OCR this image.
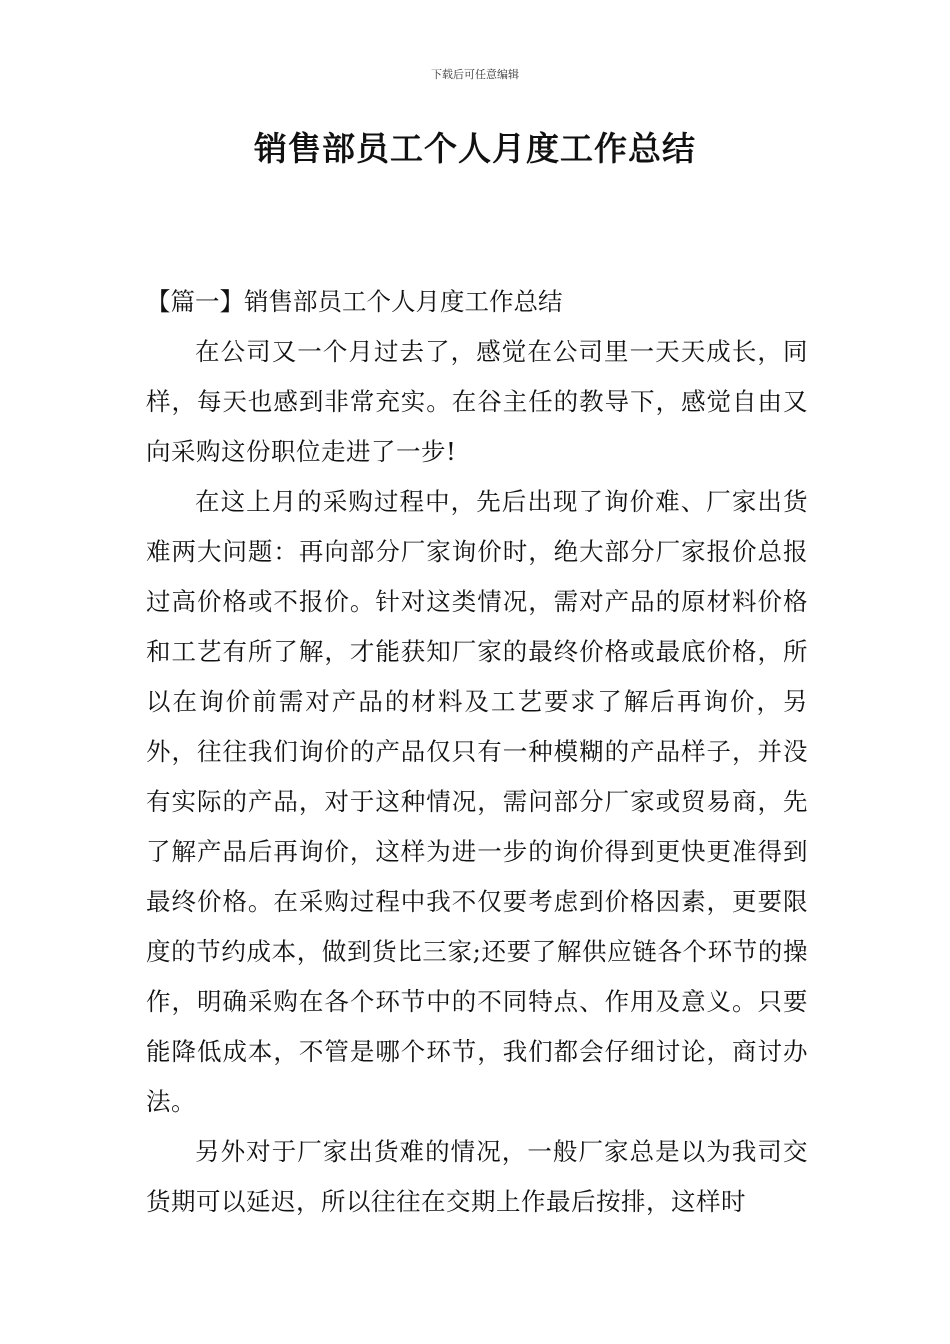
下载后可任意编辑
销售部员工个人月度工作总结

【篇一】销售部员工个人月度工作总结

在公司又一个月过去了，感觉在公司里一天天成长，同样，每天也感到非常充实。在谷主任的教导下，感觉自由又向采购这份职位走进了一步!

在这上月的采购过程中，先后出现了询价难、厂家出货难两大问题：再向部分厂家询价时，绝大部分厂家报价总报过高价格或不报价。针对这类情况，需对产品的原材料价格和工艺有所了解，才能获知厂家的最终价格或最底价格，所以在询价前需对产品的材料及工艺要求了解后再询价，另外，往往我们询价的产品仅只有一种模糊的产品样子，并没有实际的产品，对于这种情况，需问部分厂家或贸易商，先了解产品后再询价，这样为进一步的询价得到更快更准得到最终价格。在采购过程中我不仅要考虑到价格因素，更要限度的节约成本，做到货比三家;还要了解供应链各个环节的操作，明确采购在各个环节中的不同特点、作用及意义。只要能降低成本，不管是哪个环节，我们都会仔细讨论，商讨办法。

另外对于厂家出货难的情况，一般厂家总是以为我司交货期可以延迟，所以往往在交期上作最后按排，这样时
